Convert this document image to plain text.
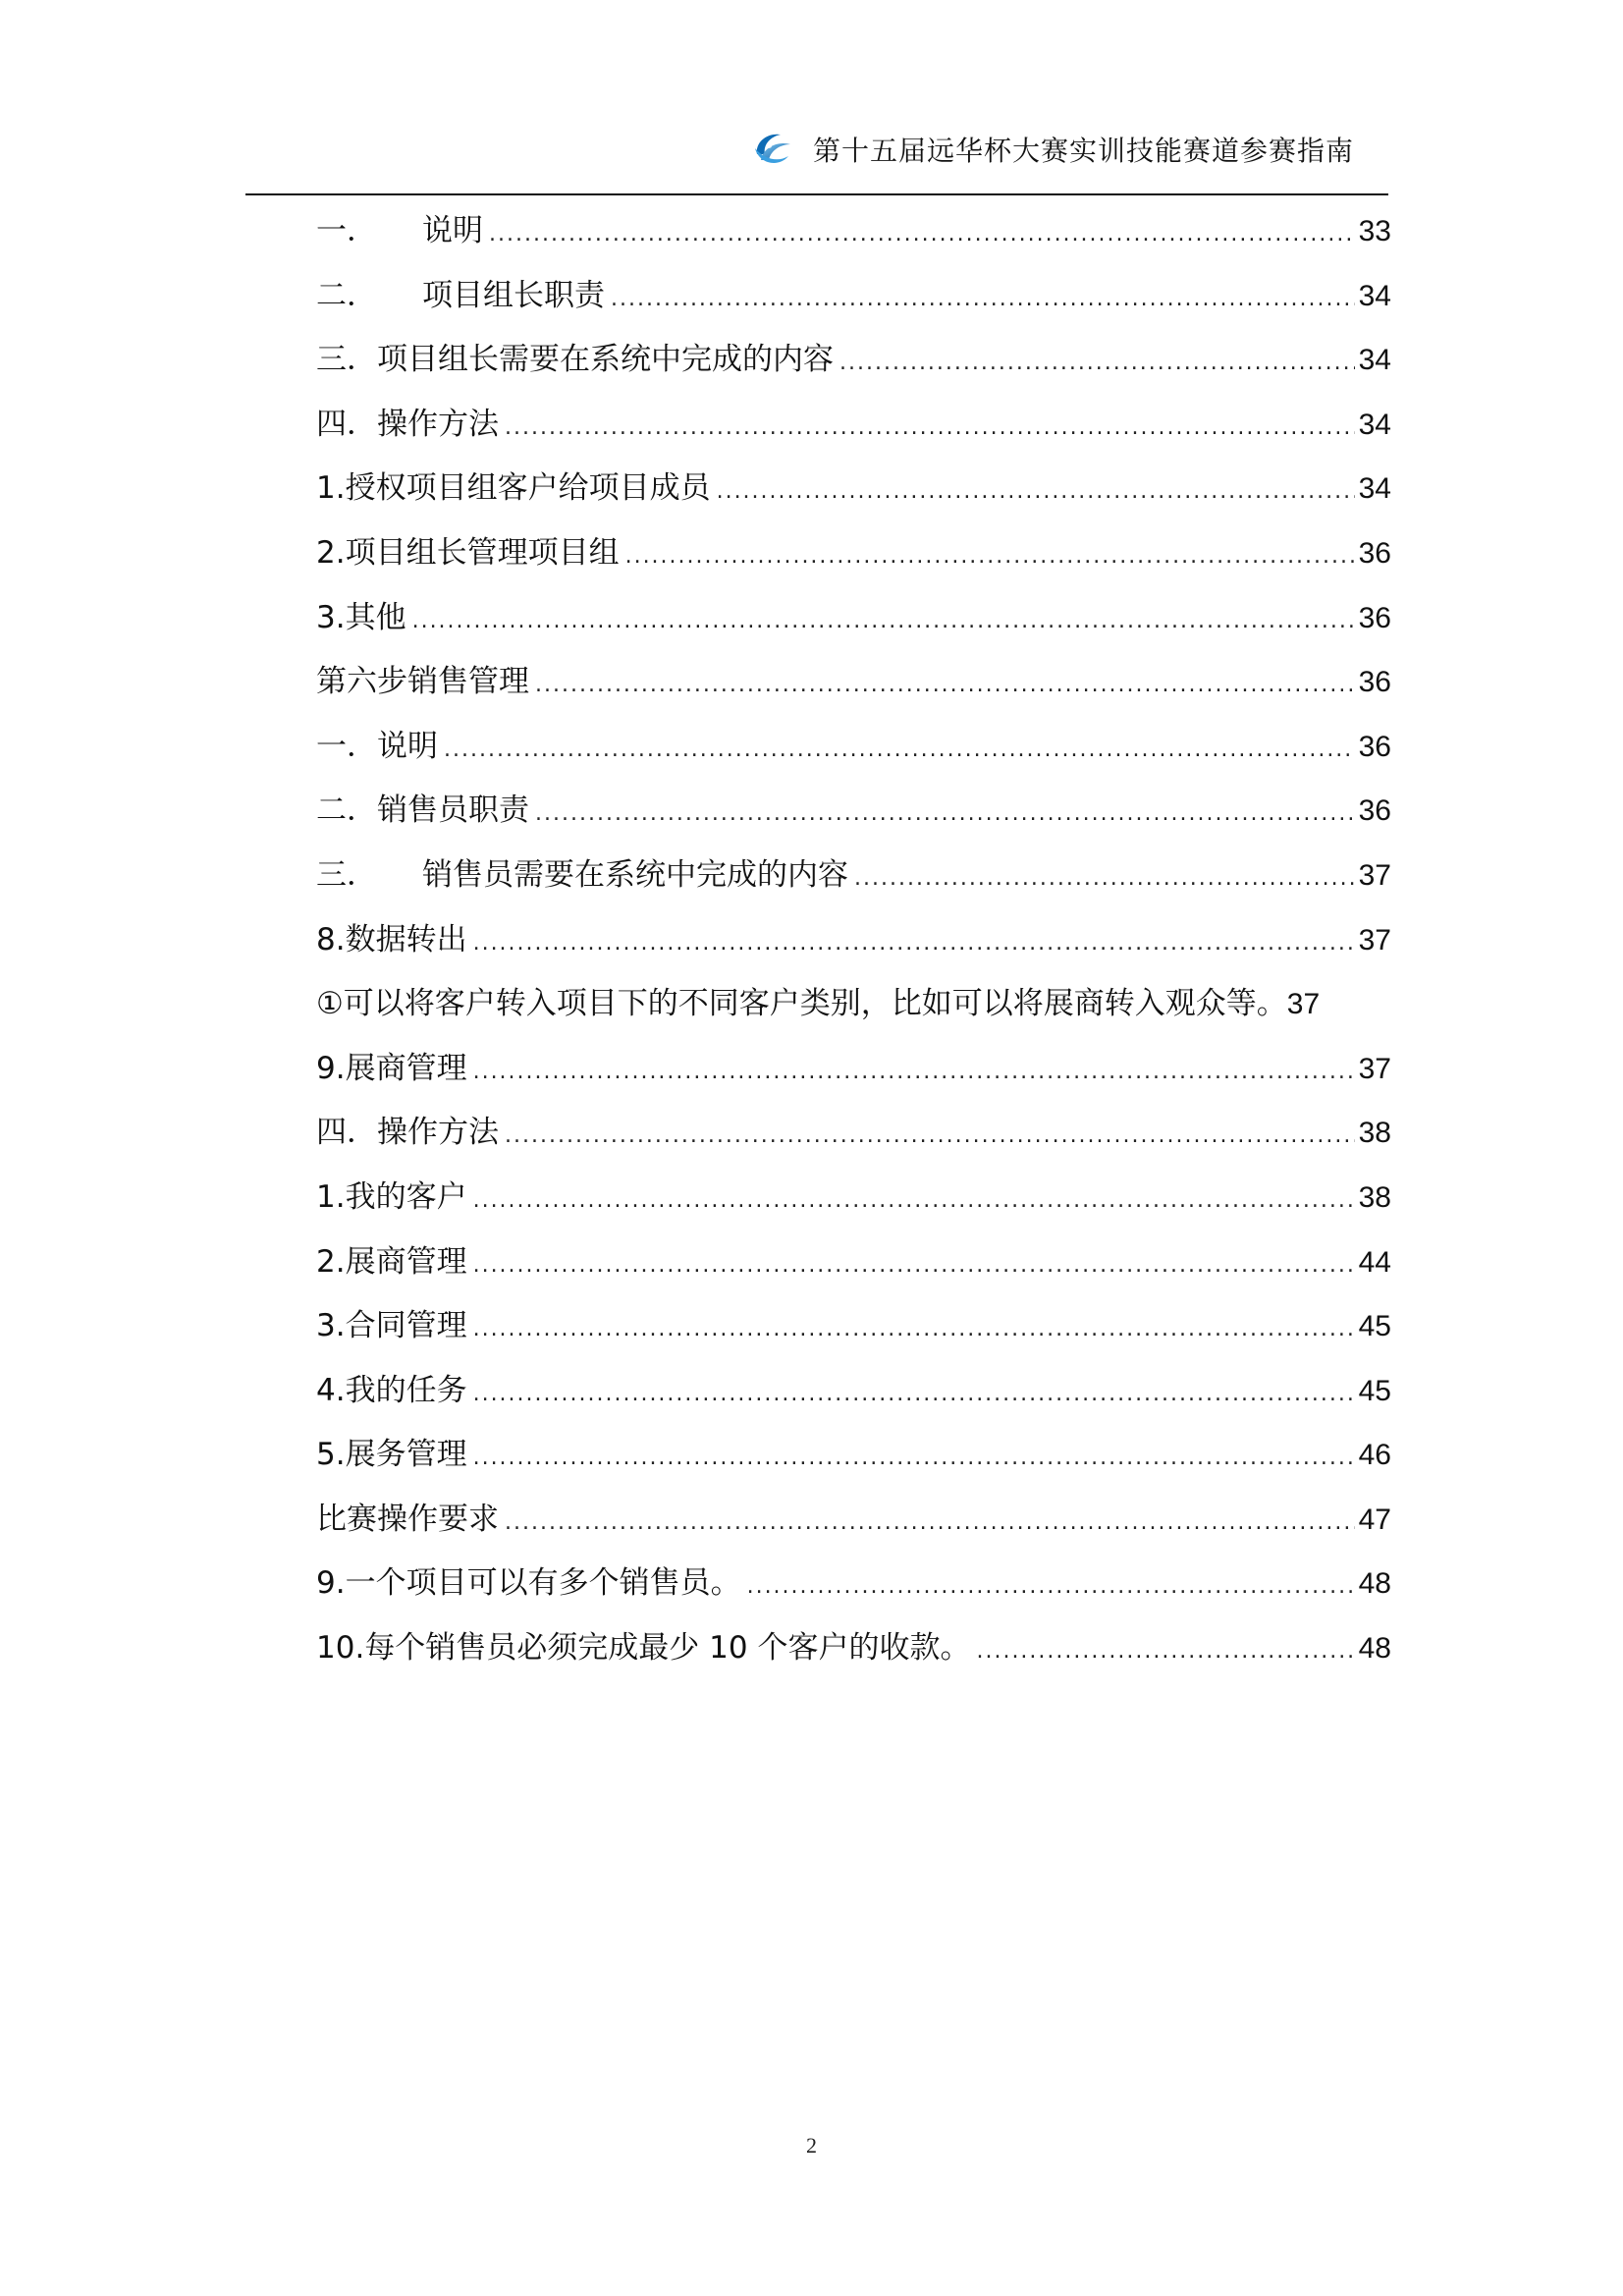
第十五届远华杯大赛实训技能赛道参赛指南
一． 说明 .....	33
二． 项目组长职责 .....	34
三． 项目组长需要在系统中完成的内容 .....	34
四． 操作方法 .....	34
1. 授权项目组客户给项目成员 .....	34
2. 项目组长管理项目组 .....	36
3. 其他 .....	36
第六步 销售管理 .....	36
一． 说明 .....	36
二． 销售员职责 .....	36
三． 销售员需要在系统中完成的内容 .....	37
8. 数据转出 .....	37
① 可以将客户转入项目下的不同客户类别，比如可以将展商转入观众等。 37
9. 展商管理 .....	37
四． 操作方法 .....	38
1. 我的客户 .....	38
2. 展商管理 .....	44
3. 合同管理 .....	45
4. 我的任务 .....	45
5. 展务管理 .....	46
比赛操作要求 .....	47
9. 一个项目可以有多个销售员。 .....	48
10. 每个销售员必须完成最少 10 个客户的收款。 .....	48
2
